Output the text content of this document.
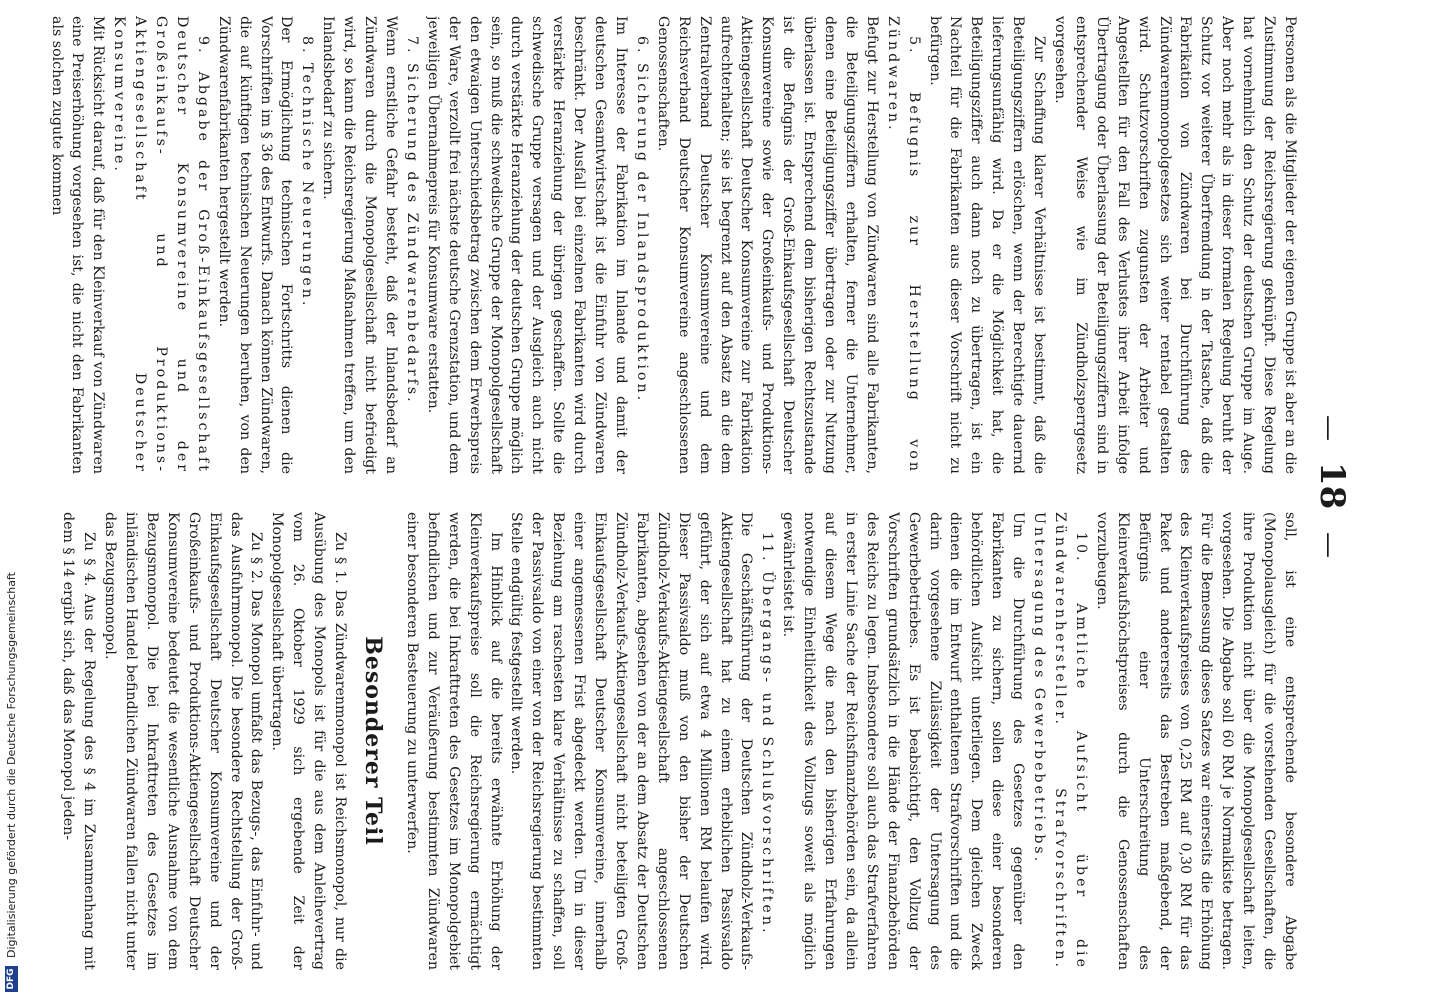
—
18
—

Personen als die Mitglieder der eigenen Gruppe ist aber an die Zustimmung der Reichsregierung geknüpft. Diese Regelung hat vornehmlich den Schutz der deutschen Gruppe im Auge. Aber noch mehr als in dieser formalen Regelung beruht der Schutz vor weiterer Überfremdung in der Tatsache, daß die Fabrikation von Zündwaren bei Durchführung des Zündwarenmonopolgesetzes sich weiter rentabel gestalten wird. Schutzvorschriften zugunsten der Arbeiter und Angestellten für den Fall des Verlustes ihrer Arbeit infolge Übertragung oder Überlassung der Beteiligungsziffern sind in entsprechender Weise wie im Zündholzsperrgesetz vorgesehen.

Zur Schaffung klarer Verhältnisse ist bestimmt, daß die Beteiligungsziffern erlöschen, wenn der Berechtigte dauernd lieferungsunfähig wird. Da er die Möglichkeit hat, die Beteiligungsziffer auch dann noch zu übertragen, ist ein Nachteil für die Fabrikanten aus dieser Vorschrift nicht zu befürgen.

5. Befugnis zur Herstellung von Zündwaren.

Befugt zur Herstellung von Zündwaren sind alle Fabrikanten, die Beteiligungsziffern erhalten, ferner die Unternehmer, denen eine Beteiligungsziffer übertragen oder zur Nutzung überlassen ist. Entsprechend dem bisherigen Rechtszustande ist die Befugnis der Groß-Einkaufsgesellschaft Deutscher Konsumvereine sowie der Großeinkaufs- und Produktions-Aktiengesellschaft Deutscher Konsumvereine zur Fabrikation aufrechterhalten; sie ist begrenzt auf den Absatz an die dem Zentralverband Deutscher Konsumvereine und dem Reichsverband Deutscher Konsumvereine angeschlossenen Genossenschaften.

6. Sicherung der Inlandsproduktion.

Im Interesse der Fabrikation im Inlande und damit der deutschen Gesamtwirtschaft ist die Einfuhr von Zündwaren beschränkt. Der Ausfall bei einzelnen Fabrikanten wird durch verstärkte Heranziehung der übrigen geschaffen. Sollte die schwedische Gruppe versagen und der Ausgleich auch nicht durch verstärkte Heranziehung der deutschen Gruppe möglich sein, so muß die schwedische Gruppe der Monopolgesellschaft den etwaigen Unterschiedsbetrag zwischen dem Erwerbspreis der Ware, verzollt frei nächste deutsche Grenzstation, und dem jeweiligen Übernahmepreis für Konsumware erstatten.

7. Sicherung des Zündwarenbedarfs.

Wenn ernstliche Gefahr besteht, daß der Inlandsbedarf an Zündwaren durch die Monopolgesellschaft nicht befriedigt wird, so kann die Reichsregierung Maßnahmen treffen, um den Inlandsbedarf zu sichern.

8. Technische Neuerungen.

Der Ermöglichung technischen Fortschritts dienen die Vorschriften im § 36 des Entwurfs. Danach können Zündwaren, die auf künftigen technischen Neuerungen beruhen, von den Zündwarenfabrikanten hergestellt werden.

9. Abgabe der Groß-Einkaufsgesellschaft Deutscher Konsumvereine und der Großeinkaufs- und Produktions-Aktiengesellschaft Deutscher Konsumvereine.

Mit Rücksicht darauf, daß für den Kleinverkauf von Zündwaren eine Preiserhöhung vorgesehen ist, die nicht den Fabrikanten als solchen zugute kommen

soll, ist eine entsprechende besondere Abgabe (Monopolausgleich) für die vorstehenden Gesellschaften, die ihre Produktion nicht über die Monopolgesellschaft leiten, vorgesehen. Die Abgabe soll 60 RM je Normalkiste betragen. Für die Bemessung dieses Satzes war einerseits die Erhöhung des Kleinverkaufspreises von 0,25 RM auf 0,30 RM für das Paket und andererseits das Bestreben maßgebend, der Befürgnis einer Unterschreitung des Kleinverkaufshöchstpreises durch die Genossenschaften vorzubeugen.

10. Amtliche Aufsicht über die Zündwarenhersteller. Strafvorschriften. Untersagung des Gewerbebetriebs.

Um die Durchführung des Gesetzes gegenüber den Fabrikanten zu sichern, sollen diese einer besonderen behördlichen Aufsicht unterliegen. Dem gleichen Zweck dienen die im Entwurf enthaltenen Strafvorschriften und die darin vorgesehene Zulässigkeit der Untersagung des Gewerbebetriebes. Es ist beabsichtigt, den Vollzug der Vorschriften grundsätzlich in die Hände der Finanzbehörden des Reichs zu legen. Insbesondere soll auch das Strafverfahren in erster Linie Sache der Reichsfinanzbehörden sein, da allein auf diesem Wege die nach den bisherigen Erfahrungen notwendige Einheitlichkeit des Vollzugs soweit als möglich gewährleistet ist.

11. Übergangs- und Schlußvorschriften.

Die Geschäftsführung der Deutschen Zündholz-Verkaufs-Aktiengesellschaft hat zu einem erheblichen Passivsaldo geführt, der sich auf etwa 4 Millionen RM belaufen wird. Dieser Passivsaldo muß von den bisher der Deutschen Zündholz-Verkaufs-Aktiengesellschaft angeschlossenen Fabrikanten, abgesehen von der an dem Absatz der Deutschen Zündholz-Verkaufs-Aktiengesellschaft nicht beteiligten Groß-Einkaufsgesellschaft Deutscher Konsumvereine, innerhalb einer angemessenen Frist abgedeckt werden. Um in dieser Beziehung am raschesten klare Verhältnisse zu schaffen, soll der Passivsaldo von einer von der Reichsregierung bestimmten Stelle endgültig festgestellt werden.

Im Hinblick auf die bereits erwähnte Erhöhung der Kleinverkaufspreise soll die Reichsregierung ermächtigt werden, die bei Inkrafttreten des Gesetzes im Monopolgebiet befindlichen und zur Veräußerung bestimmten Zündwaren einer besonderen Besteuerung zu unterwerfen.

Besonderer Teil

Zu § 1. Das Zündwarenmonopol ist Reichsmonopol, nur die Ausübung des Monopols ist für die aus dem Anleihevertrag vom 26. Oktober 1929 sich ergebende Zeit der Monopolgesellschaft übertragen.

Zu § 2. Das Monopol umfaßt das Bezugs-, das Einfuhr- und das Ausfuhrmonopol. Die besondere Rechtstellung der Groß-Einkaufsgesellschaft Deutscher Konsumvereine und der Großeinkaufs- und Produktions-Aktiengesellschaft Deutscher Konsumvereine bedeutet die wesentliche Ausnahme von dem Bezugsmonopol. Die bei Inkrafttreten des Gesetzes im inländischen Handel befindlichen Zündwaren fallen nicht unter das Bezugsmonopol.

Zu § 4. Aus der Regelung des § 4 im Zusammenhang mit dem § 14 ergibt sich, daß das Monopol jeden-

DFG
Digitalisierung gefördert durch die Deutsche Forschungsgemeinschaft
